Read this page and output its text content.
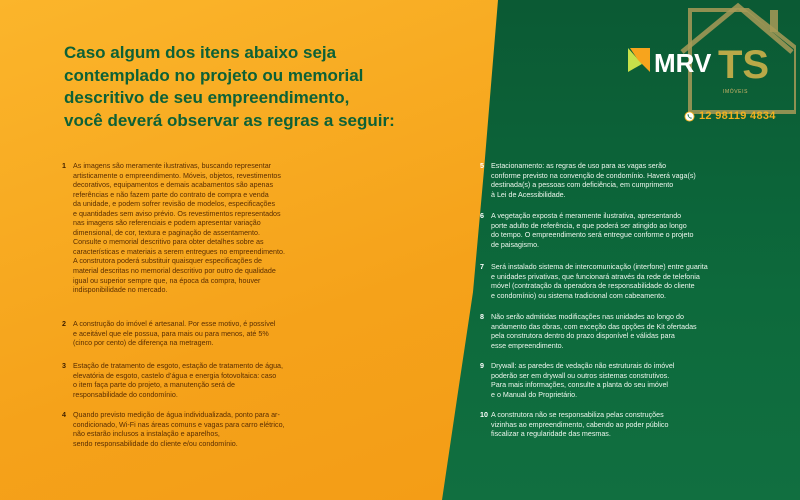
Caso algum dos itens abaixo seja
contemplado no projeto ou memorial
descritivo de seu empreendimento,
você deverá observar as regras a seguir:
1 As imagens são meramente ilustrativas, buscando representar
artisticamente o empreendimento. Móveis, objetos, revestimentos
decorativos, equipamentos e demais acabamentos são apenas
referências e não fazem parte do contrato de compra e venda
da unidade, e podem sofrer revisão de modelos, especificações
e quantidades sem aviso prévio. Os revestimentos representados
nas imagens são referenciais e podem apresentar variação
dimensional, de cor, textura e paginação de assentamento.
Consulte o memorial descritivo para obter detalhes sobre as
características e materiais a serem entregues no empreendimento.
A construtora poderá substituir quaisquer especificações de
material descritas no memorial descritivo por outro de qualidade
igual ou superior sempre que, na época da compra, houver
indisponibilidade no mercado.
2 A construção do imóvel é artesanal. Por esse motivo, é possível
e aceitável que ele possua, para mais ou para menos, até 5%
(cinco por cento) de diferença na metragem.
3 Estação de tratamento de esgoto, estação de tratamento de água,
elevatória de esgoto, castelo d’água e energia fotovoltaica: caso
o item faça parte do projeto, a manutenção será de
responsabilidade do condomínio.
4 Quando previsto medição de água individualizada, ponto para ar-
condicionado, Wi-Fi nas áreas comuns e vagas para carro elétrico,
não estarão inclusos a instalação e aparelhos,
sendo responsabilidade do cliente e/ou condomínio.
5 Estacionamento: as regras de uso para as vagas serão
conforme previsto na convenção de condomínio. Haverá vaga(s)
destinada(s) a pessoas com deficiência, em cumprimento
à Lei de Acessibilidade.
6 A vegetação exposta é meramente ilustrativa, apresentando
porte adulto de referência, e que poderá ser atingido ao longo
do tempo. O empreendimento será entregue conforme o projeto
de paisagismo.
7 Será instalado sistema de intercomunicação (interfone) entre guarita
e unidades privativas, que funcionará através da rede de telefonia
móvel (contratação da operadora de responsabilidade do cliente
e condomínio) ou sistema tradicional com cabeamento.
8 Não serão admitidas modificações nas unidades ao longo do
andamento das obras, com exceção das opções de Kit ofertadas
pela construtora dentro do prazo disponível e válidas para
esse empreendimento.
9 Drywall: as paredes de vedação não estruturais do imóvel
poderão ser em drywall ou outros sistemas construtivos.
Para mais informações, consulte a planta do seu imóvel
e o Manual do Proprietário.
10 A construtora não se responsabiliza pelas construções
vizinhas ao empreendimento, cabendo ao poder público
fiscalizar a regularidade das mesmas.
MRV TS
IMÓVEIS
12 98119 4834
